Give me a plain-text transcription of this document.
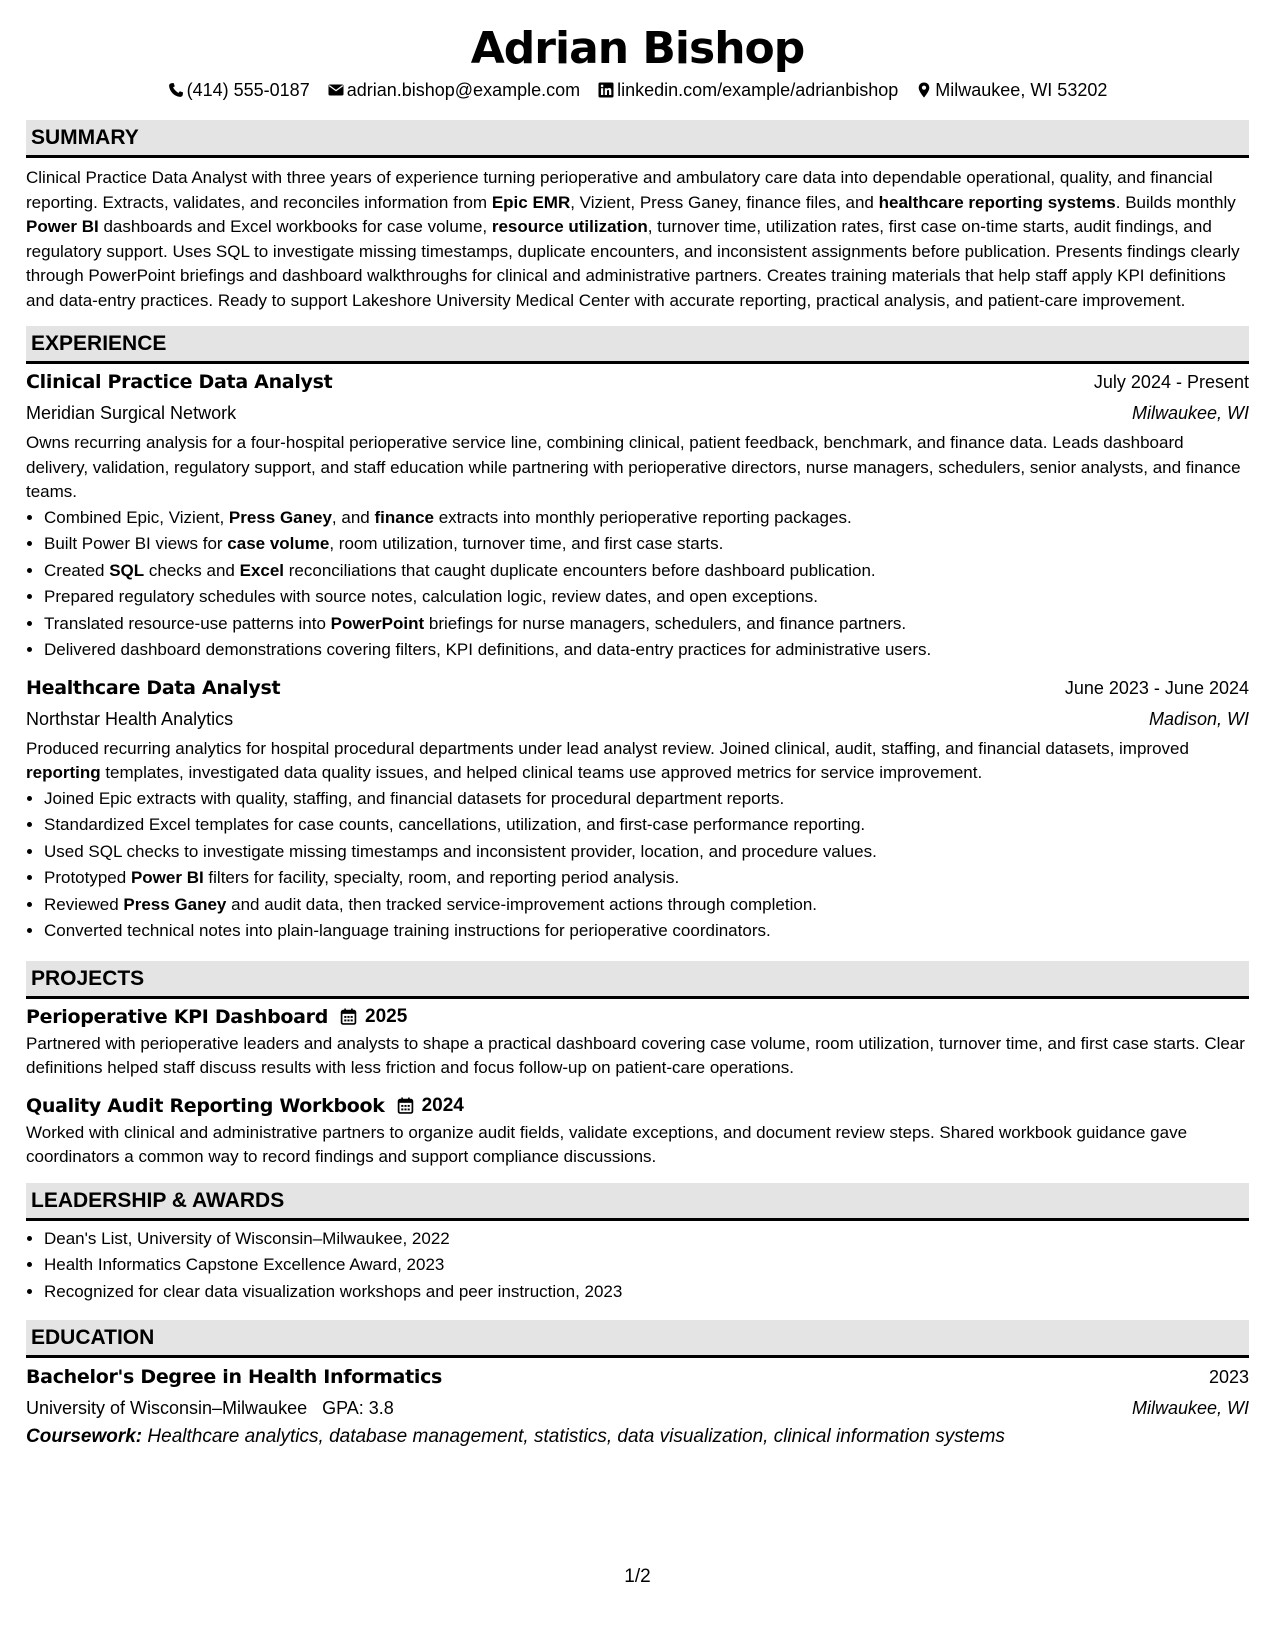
Adrian Bishop
(414) 555-0187 adrian.bishop@example.com linkedin.com/example/adrianbishop Milwaukee, WI 53202
SUMMARY
Clinical Practice Data Analyst with three years of experience turning perioperative and ambulatory care data into dependable operational, quality, and financial reporting. Extracts, validates, and reconciles information from Epic EMR, Vizient, Press Ganey, finance files, and healthcare reporting systems. Builds monthly Power BI dashboards and Excel workbooks for case volume, resource utilization, turnover time, utilization rates, first case on-time starts, audit findings, and regulatory support. Uses SQL to investigate missing timestamps, duplicate encounters, and inconsistent assignments before publication. Presents findings clearly through PowerPoint briefings and dashboard walkthroughs for clinical and administrative partners. Creates training materials that help staff apply KPI definitions and data-entry practices. Ready to support Lakeshore University Medical Center with accurate reporting, practical analysis, and patient-care improvement.
EXPERIENCE
Clinical Practice Data Analyst	July 2024 - Present
Meridian Surgical Network	Milwaukee, WI
Owns recurring analysis for a four-hospital perioperative service line, combining clinical, patient feedback, benchmark, and finance data. Leads dashboard delivery, validation, regulatory support, and staff education while partnering with perioperative directors, nurse managers, schedulers, senior analysts, and finance teams.
• Combined Epic, Vizient, Press Ganey, and finance extracts into monthly perioperative reporting packages.
• Built Power BI views for case volume, room utilization, turnover time, and first case starts.
• Created SQL checks and Excel reconciliations that caught duplicate encounters before dashboard publication.
• Prepared regulatory schedules with source notes, calculation logic, review dates, and open exceptions.
• Translated resource-use patterns into PowerPoint briefings for nurse managers, schedulers, and finance partners.
• Delivered dashboard demonstrations covering filters, KPI definitions, and data-entry practices for administrative users.
Healthcare Data Analyst	June 2023 - June 2024
Northstar Health Analytics	Madison, WI
Produced recurring analytics for hospital procedural departments under lead analyst review. Joined clinical, audit, staffing, and financial datasets, improved reporting templates, investigated data quality issues, and helped clinical teams use approved metrics for service improvement.
• Joined Epic extracts with quality, staffing, and financial datasets for procedural department reports.
• Standardized Excel templates for case counts, cancellations, utilization, and first-case performance reporting.
• Used SQL checks to investigate missing timestamps and inconsistent provider, location, and procedure values.
• Prototyped Power BI filters for facility, specialty, room, and reporting period analysis.
• Reviewed Press Ganey and audit data, then tracked service-improvement actions through completion.
• Converted technical notes into plain-language training instructions for perioperative coordinators.
PROJECTS
Perioperative KPI Dashboard 2025
Partnered with perioperative leaders and analysts to shape a practical dashboard covering case volume, room utilization, turnover time, and first case starts. Clear definitions helped staff discuss results with less friction and focus follow-up on patient-care operations.
Quality Audit Reporting Workbook 2024
Worked with clinical and administrative partners to organize audit fields, validate exceptions, and document review steps. Shared workbook guidance gave coordinators a common way to record findings and support compliance discussions.
LEADERSHIP & AWARDS
• Dean's List, University of Wisconsin–Milwaukee, 2022
• Health Informatics Capstone Excellence Award, 2023
• Recognized for clear data visualization workshops and peer instruction, 2023
EDUCATION
Bachelor's Degree in Health Informatics	2023
University of Wisconsin–Milwaukee GPA: 3.8	Milwaukee, WI
Coursework: Healthcare analytics, database management, statistics, data visualization, clinical information systems
1/2
